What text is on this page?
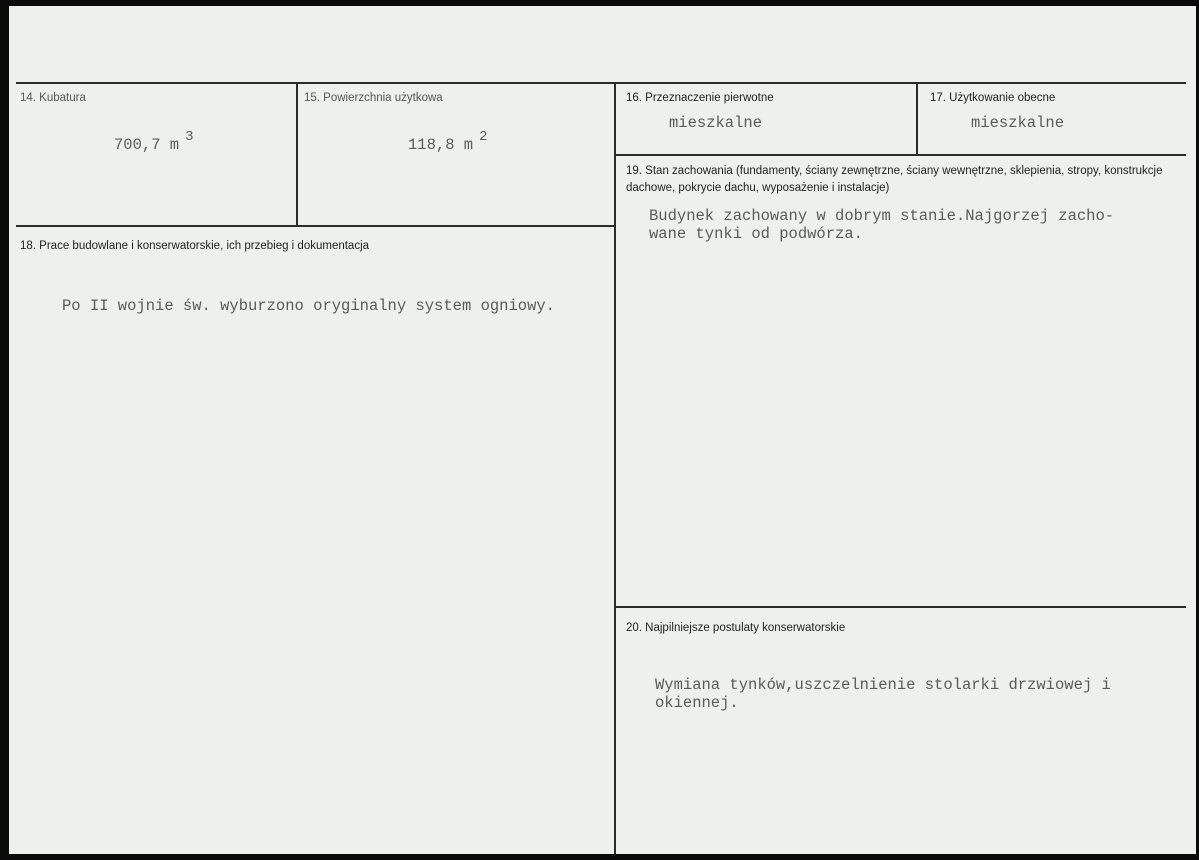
14. Kubatura
700,7 m 3
15. Powierzchnia użytkowa
118,8 m 2
16. Przeznaczenie pierwotne
mieszkalne
17. Użytkowanie obecne
mieszkalne
18. Prace budowlane i konserwatorskie, ich przebieg i dokumentacja
Po II wojnie św. wyburzono oryginalny system ogniowy.
19. Stan zachowania (fundamenty, ściany zewnętrzne, ściany wewnętrzne, sklepienia, stropy, konstrukcje dachowe, pokrycie dachu, wyposażenie i instalacje)
Budynek zachowany w dobrym stanie.Najgorzej zacho-
wane tynki od podwórza.
20. Najpilniejsze postulaty konserwatorskie
Wymiana tynków,uszczelnienie stolarki drzwiowej i
okiennej.
